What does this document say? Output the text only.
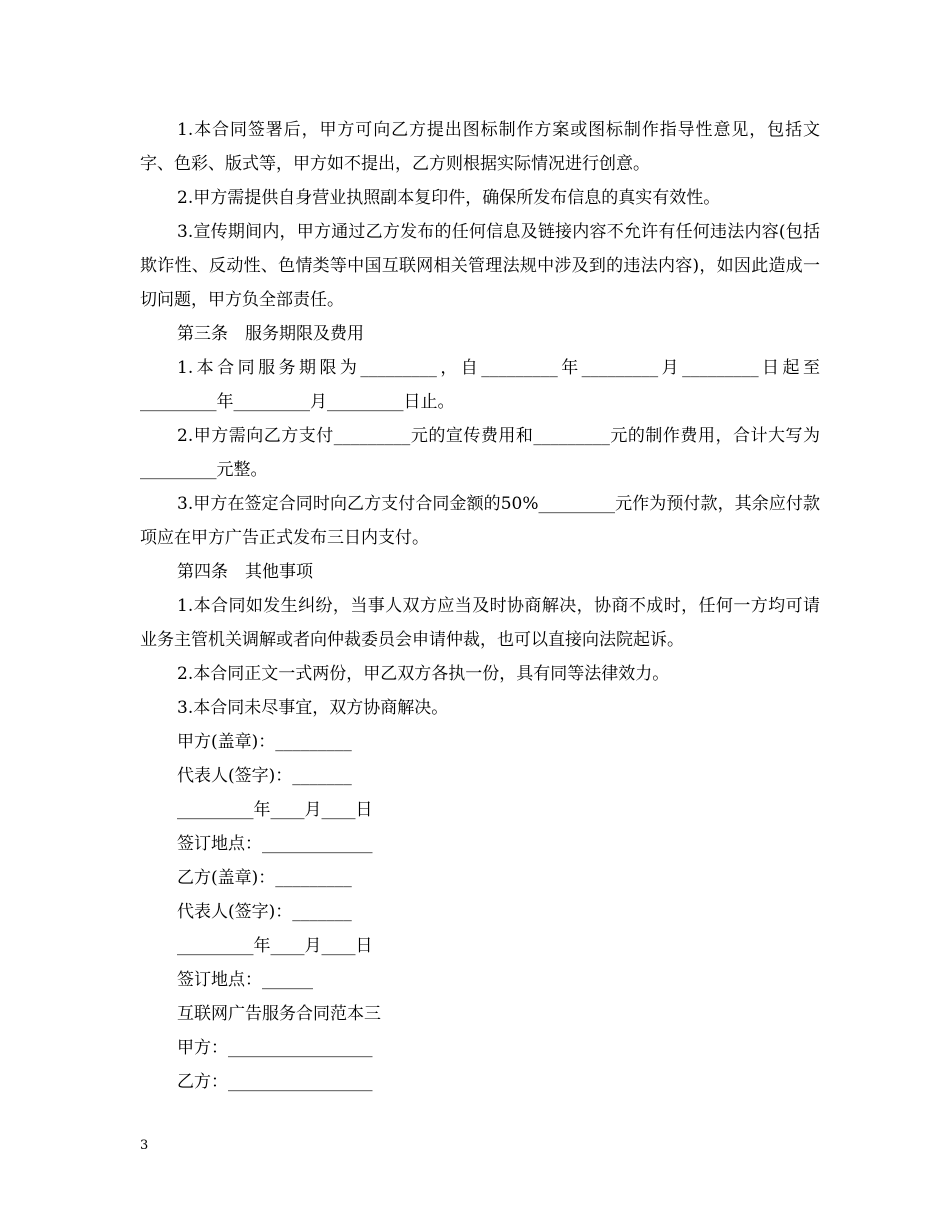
1.本合同签署后，甲方可向乙方提出图标制作方案或图标制作指导性意见，包括文字、色彩、版式等，甲方如不提出，乙方则根据实际情况进行创意。

2.甲方需提供自身营业执照副本复印件，确保所发布信息的真实有效性。

3.宣传期间内，甲方通过乙方发布的任何信息及链接内容不允许有任何违法内容(包括欺诈性、反动性、色情类等中国互联网相关管理法规中涉及到的违法内容)，如因此造成一切问题，甲方负全部责任。

第三条　服务期限及费用

1.本合同服务期限为_________，自_________年_________月_________日起至_________年_________月_________日止。

2.甲方需向乙方支付_________元的宣传费用和_________元的制作费用，合计大写为_________元整。

3.甲方在签定合同时向乙方支付合同金额的50%_________元作为预付款，其余应付款项应在甲方广告正式发布三日内支付。

第四条　其他事项

1.本合同如发生纠纷，当事人双方应当及时协商解决，协商不成时，任何一方均可请业务主管机关调解或者向仲裁委员会申请仲裁，也可以直接向法院起诉。

2.本合同正文一式两份，甲乙双方各执一份，具有同等法律效力。

3.本合同未尽事宜，双方协商解决。

甲方(盖章)：_________

代表人(签字)：_______

_________年____月____日

签订地点：_____________

乙方(盖章)：_________

代表人(签字)：_______

_________年____月____日

签订地点：______

互联网广告服务合同范本三

甲方：_________________

乙方：_________________

3
